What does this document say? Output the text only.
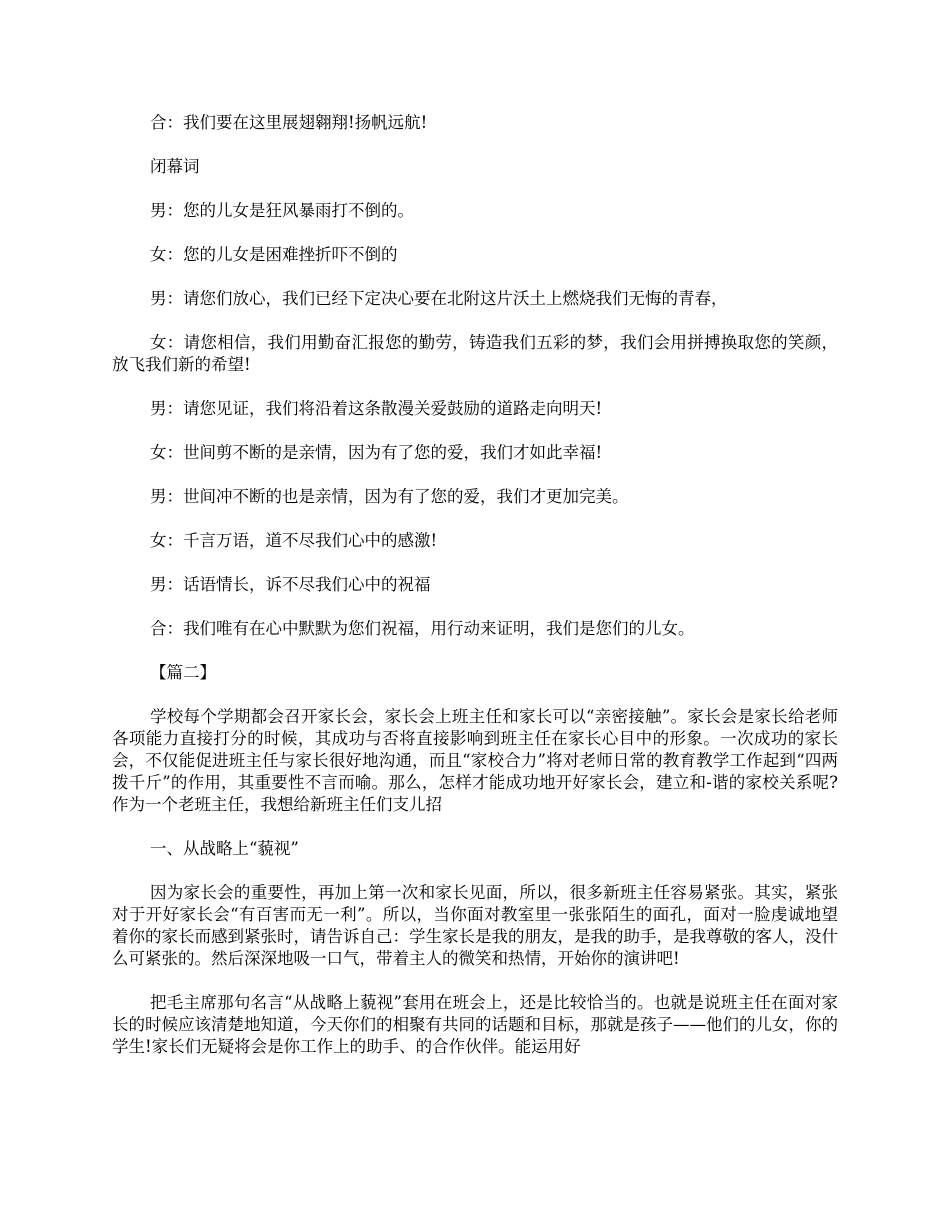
合：我们要在这里展翅翱翔!扬帆远航!

闭幕词

男：您的儿女是狂风暴雨打不倒的。

女：您的儿女是困难挫折吓不倒的

男：请您们放心，我们已经下定决心要在北附这片沃土上燃烧我们无悔的青春，

女：请您相信，我们用勤奋汇报您的勤劳，铸造我们五彩的梦，我们会用拼搏换取您的笑颜，放飞我们新的希望!

男：请您见证，我们将沿着这条散漫关爱鼓励的道路走向明天!

女：世间剪不断的是亲情，因为有了您的爱，我们才如此幸福!

男：世间冲不断的也是亲情，因为有了您的爱，我们才更加完美。

女：千言万语，道不尽我们心中的感激!

男：话语情长，诉不尽我们心中的祝福

合：我们唯有在心中默默为您们祝福，用行动来证明，我们是您们的儿女。

【篇二】

学校每个学期都会召开家长会，家长会上班主任和家长可以“亲密接触”。家长会是家长给老师各项能力直接打分的时候，其成功与否将直接影响到班主任在家长心目中的形象。一次成功的家长会，不仅能促进班主任与家长很好地沟通，而且“家校合力”将对老师日常的教育教学工作起到“四两拨千斤”的作用，其重要性不言而喻。那么，怎样才能成功地开好家长会，建立和-谐的家校关系呢?作为一个老班主任，我想给新班主任们支儿招

一、从战略上“藐视”

因为家长会的重要性，再加上第一次和家长见面，所以，很多新班主任容易紧张。其实，紧张对于开好家长会“有百害而无一利”。所以，当你面对教室里一张张陌生的面孔，面对一脸虔诚地望着你的家长而感到紧张时，请告诉自己：学生家长是我的朋友，是我的助手，是我尊敬的客人，没什么可紧张的。然后深深地吸一口气，带着主人的微笑和热情，开始你的演讲吧!

把毛主席那句名言“从战略上藐视”套用在班会上，还是比较恰当的。也就是说班主任在面对家长的时候应该清楚地知道，今天你们的相聚有共同的话题和目标，那就是孩子——他们的儿女，你的学生!家长们无疑将会是你工作上的助手、的合作伙伴。能运用好
